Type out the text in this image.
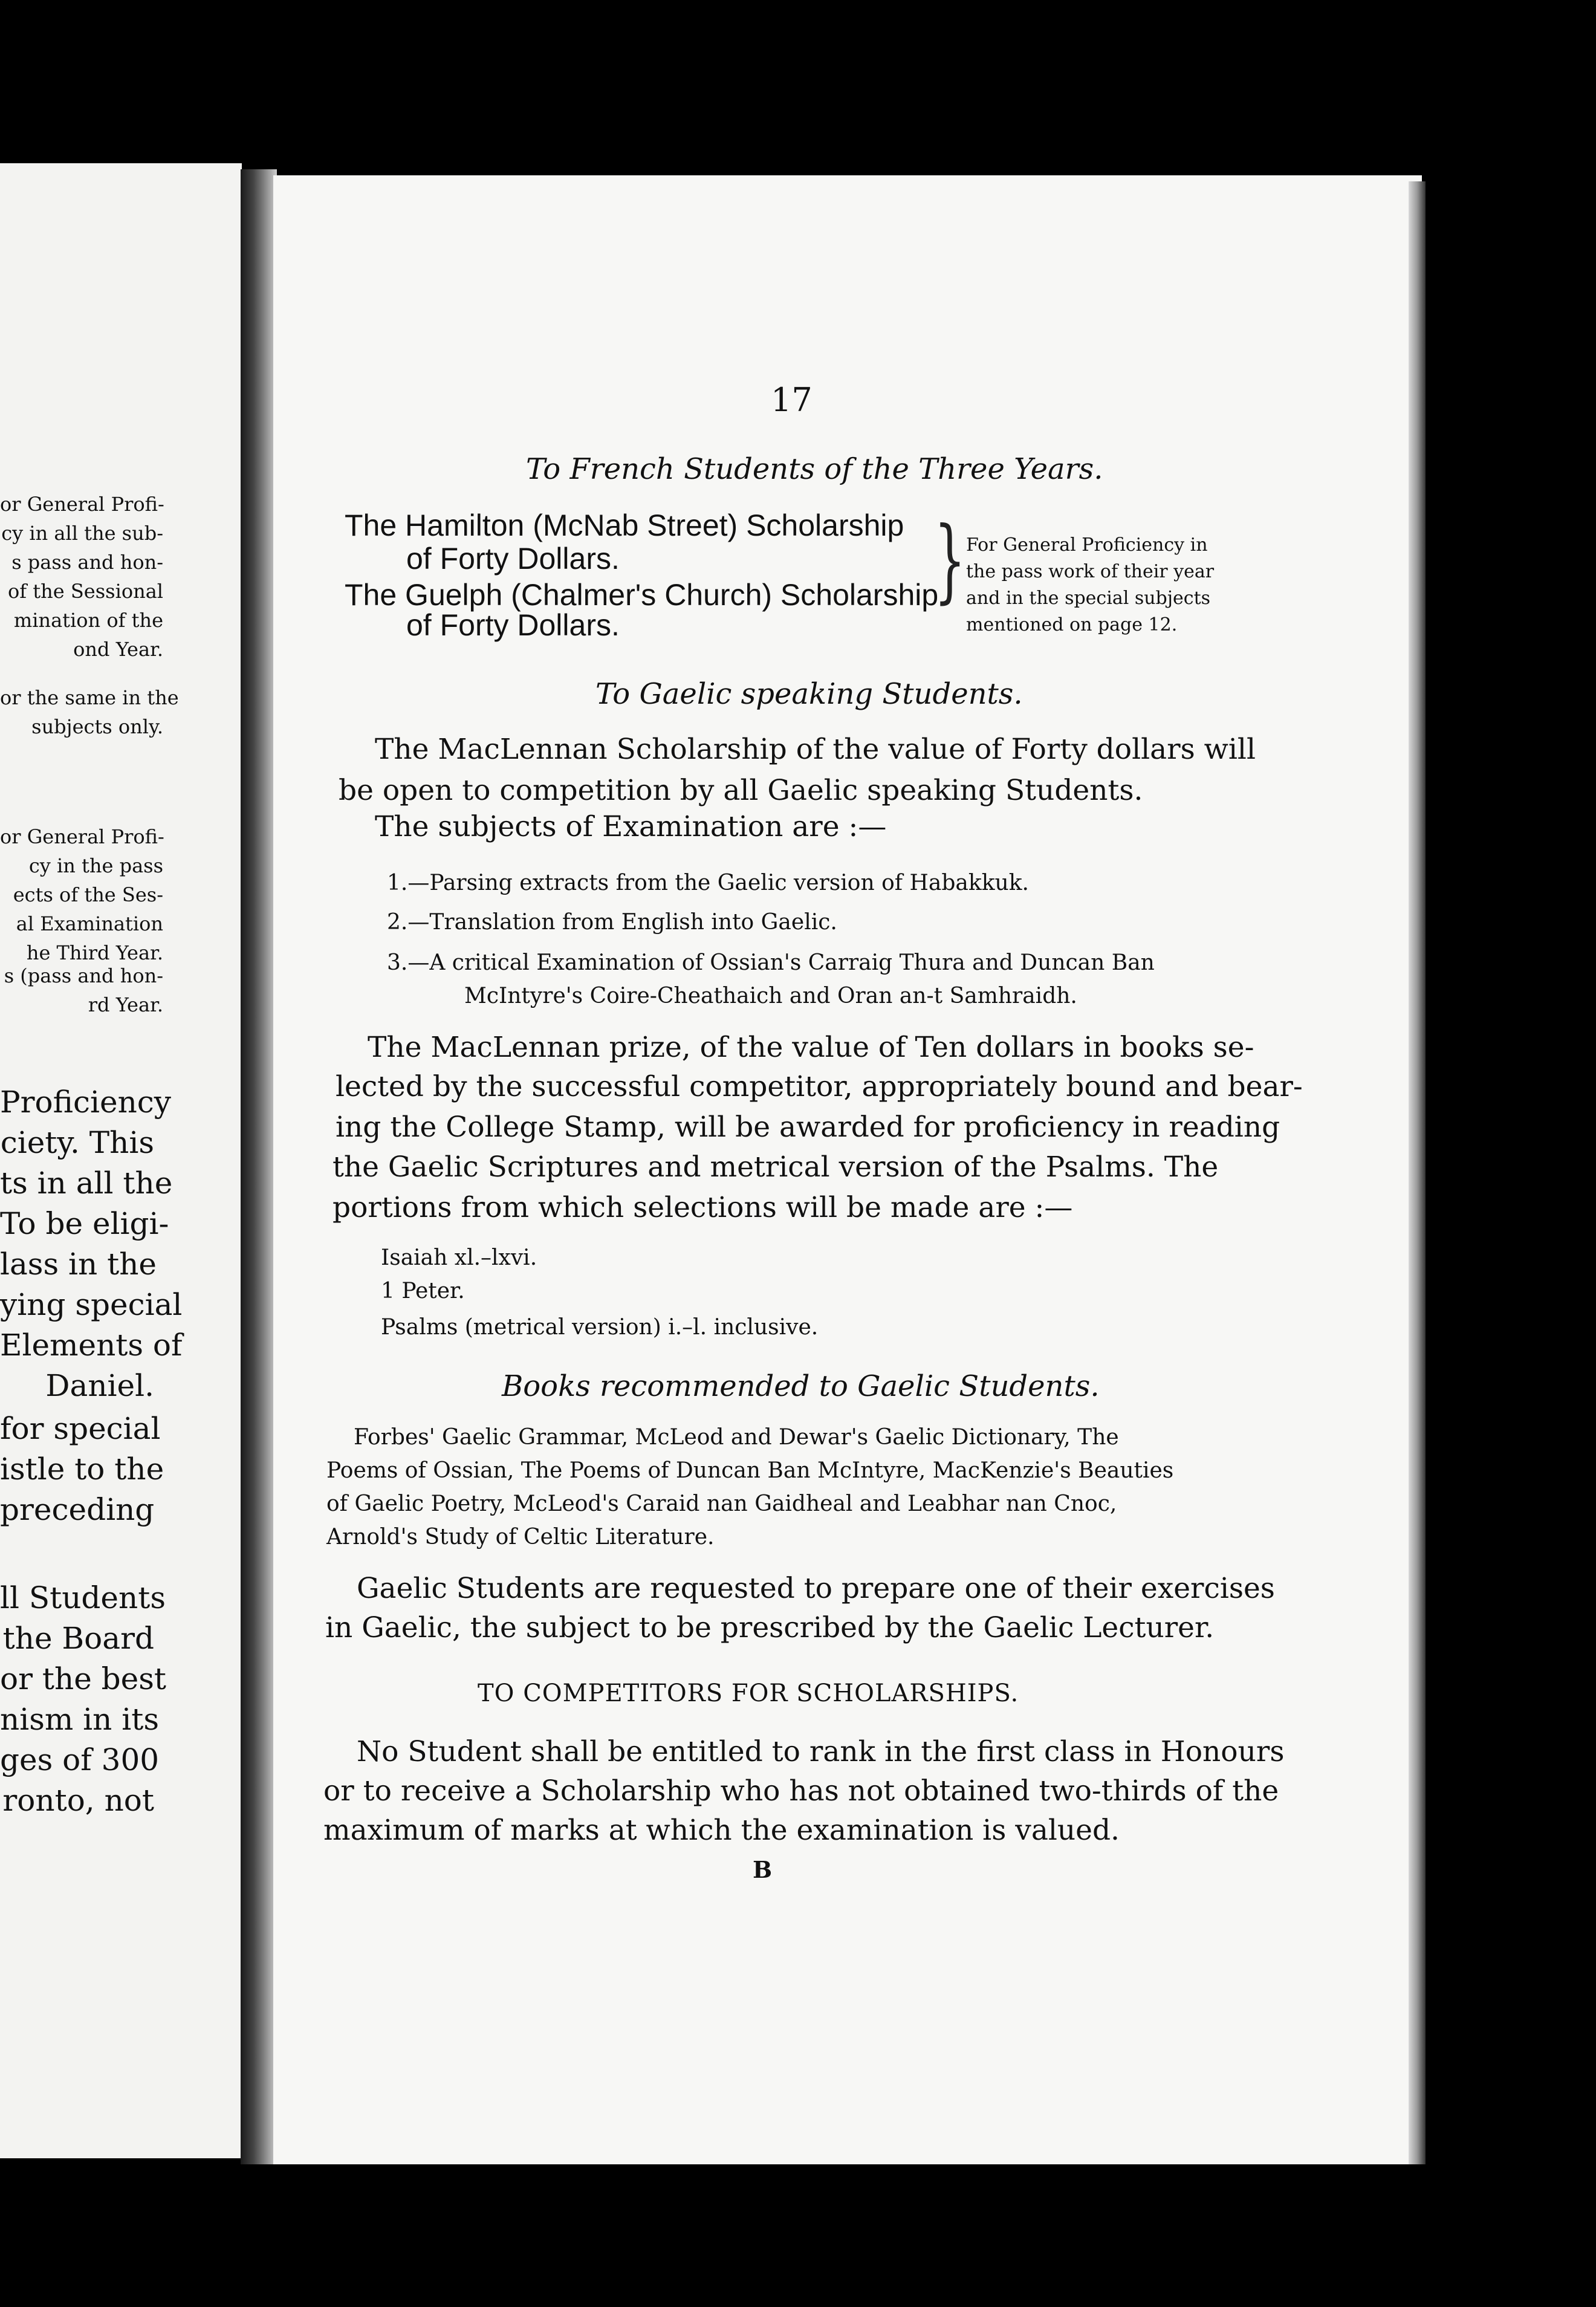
or General Profi-
cy in all the sub-
s pass and hon-
of the Sessional
mination of the
ond Year.
or the same in the
subjects only.
or General Profi-
cy in the pass
ects of the Ses-
al Examination
he Third Year.
s (pass and hon-
rd Year.
Proficiency
ciety. This
ts in all the
To be eligi-
lass in the
ying special
Elements of
Daniel.
for special
istle to the
preceding
ll Students
the Board
or the best
nism in its
ges of 300
ronto, not
17
To French Students of the Three Years.
The Hamilton (McNab Street) Scholarship
of Forty Dollars.
The Guelph (Chalmer's Church) Scholarship
of Forty Dollars.
} For General Proficiency in
the pass work of their year
and in the special subjects
mentioned on page 12.
To Gaelic speaking Students.
The MacLennan Scholarship of the value of Forty dollars will
be open to competition by all Gaelic speaking Students.
The subjects of Examination are :—
1.—Parsing extracts from the Gaelic version of Habakkuk.
2.—Translation from English into Gaelic.
3.—A critical Examination of Ossian's Carraig Thura and Duncan Ban
McIntyre's Coire-Cheathaich and Oran an-t Samhraidh.
The MacLennan prize, of the value of Ten dollars in books se-
lected by the successful competitor, appropriately bound and bear-
ing the College Stamp, will be awarded for proficiency in reading
the Gaelic Scriptures and metrical version of the Psalms. The
portions from which selections will be made are :—
Isaiah xl.–lxvi.
1 Peter.
Psalms (metrical version) i.–l. inclusive.
Books recommended to Gaelic Students.
Forbes' Gaelic Grammar, McLeod and Dewar's Gaelic Dictionary, The
Poems of Ossian, The Poems of Duncan Ban McIntyre, MacKenzie's Beauties
of Gaelic Poetry, McLeod's Caraid nan Gaidheal and Leabhar nan Cnoc,
Arnold's Study of Celtic Literature.
Gaelic Students are requested to prepare one of their exercises
in Gaelic, the subject to be prescribed by the Gaelic Lecturer.
TO COMPETITORS FOR SCHOLARSHIPS.
No Student shall be entitled to rank in the first class in Honours
or to receive a Scholarship who has not obtained two-thirds of the
maximum of marks at which the examination is valued.
B
